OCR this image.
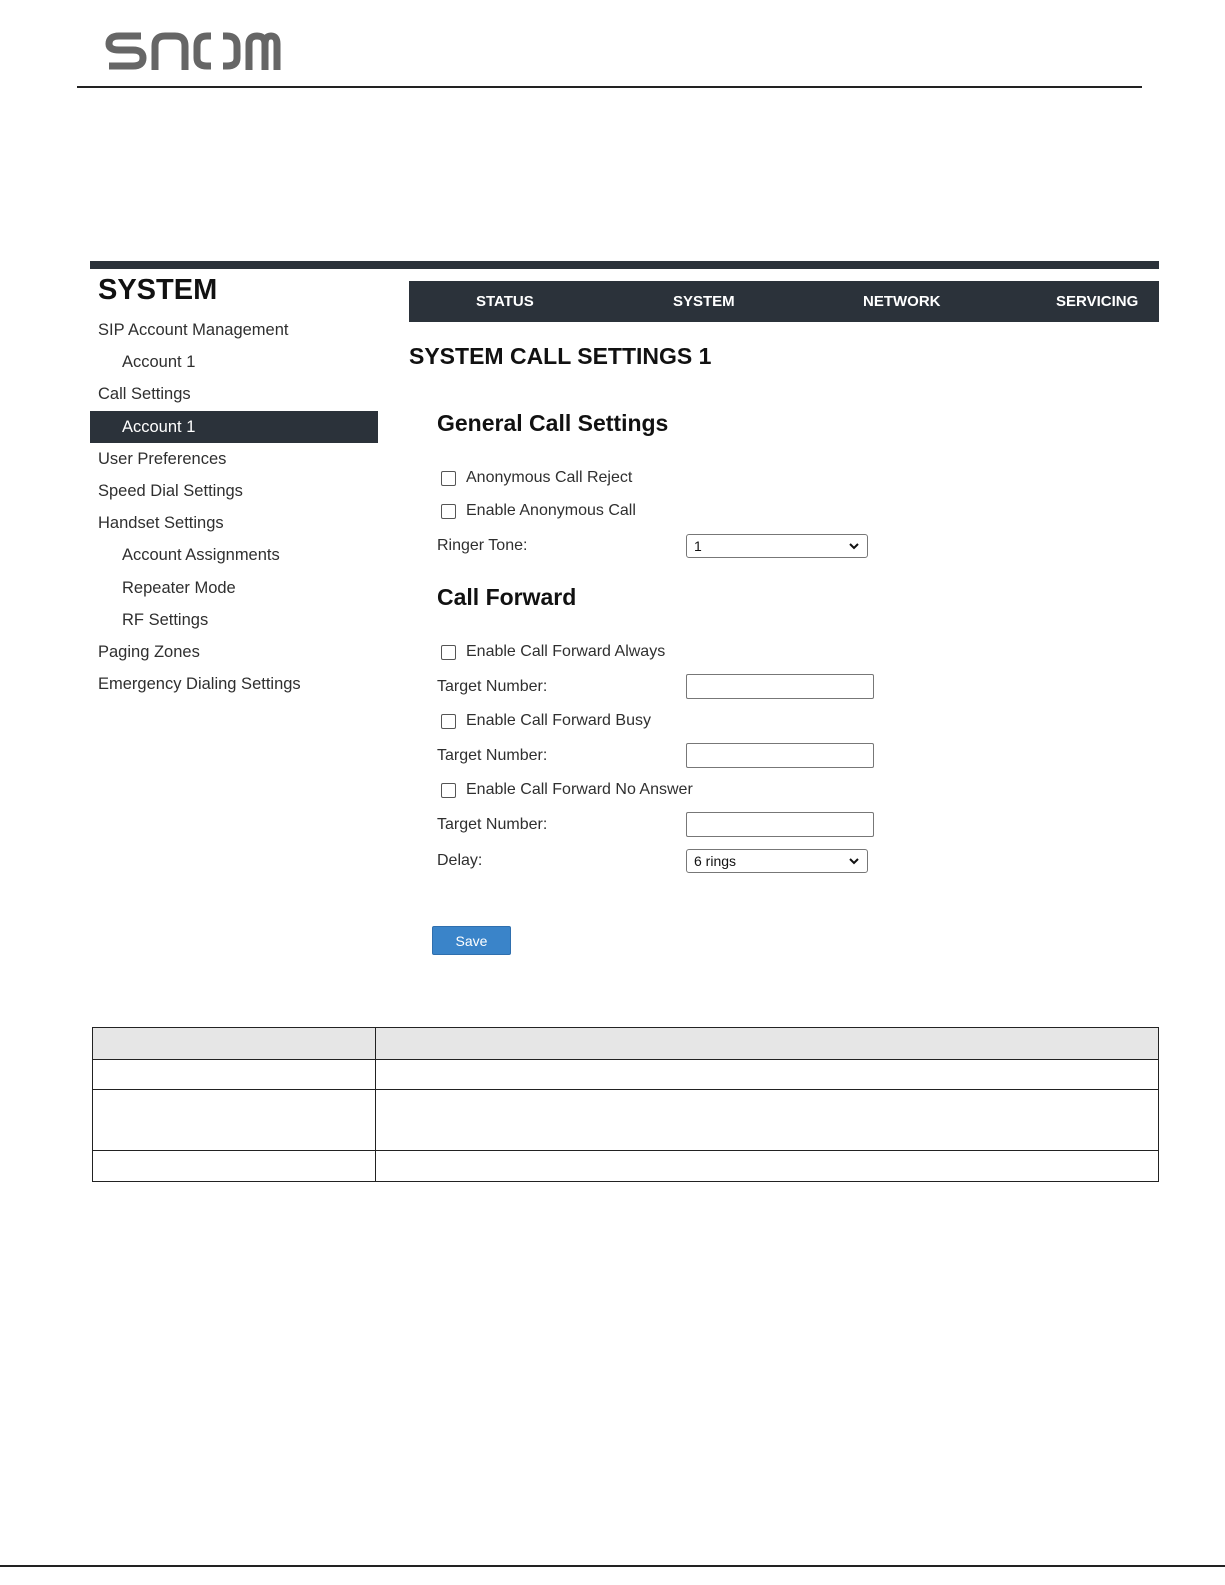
SYSTEM
SIP Account Management
Account 1
Call Settings
Account 1
User Preferences
Speed Dial Settings
Handset Settings
Account Assignments
Repeater Mode
RF Settings
Paging Zones
Emergency Dialing Settings
STATUS	SYSTEM	NETWORK	SERVICING
SYSTEM CALL SETTINGS 1
General Call Settings
Anonymous Call Reject
Enable Anonymous Call
Ringer Tone:	1
Call Forward
Enable Call Forward Always
Target Number:
Enable Call Forward Busy
Target Number:
Enable Call Forward No Answer
Target Number:
Delay:	6 rings
Save
